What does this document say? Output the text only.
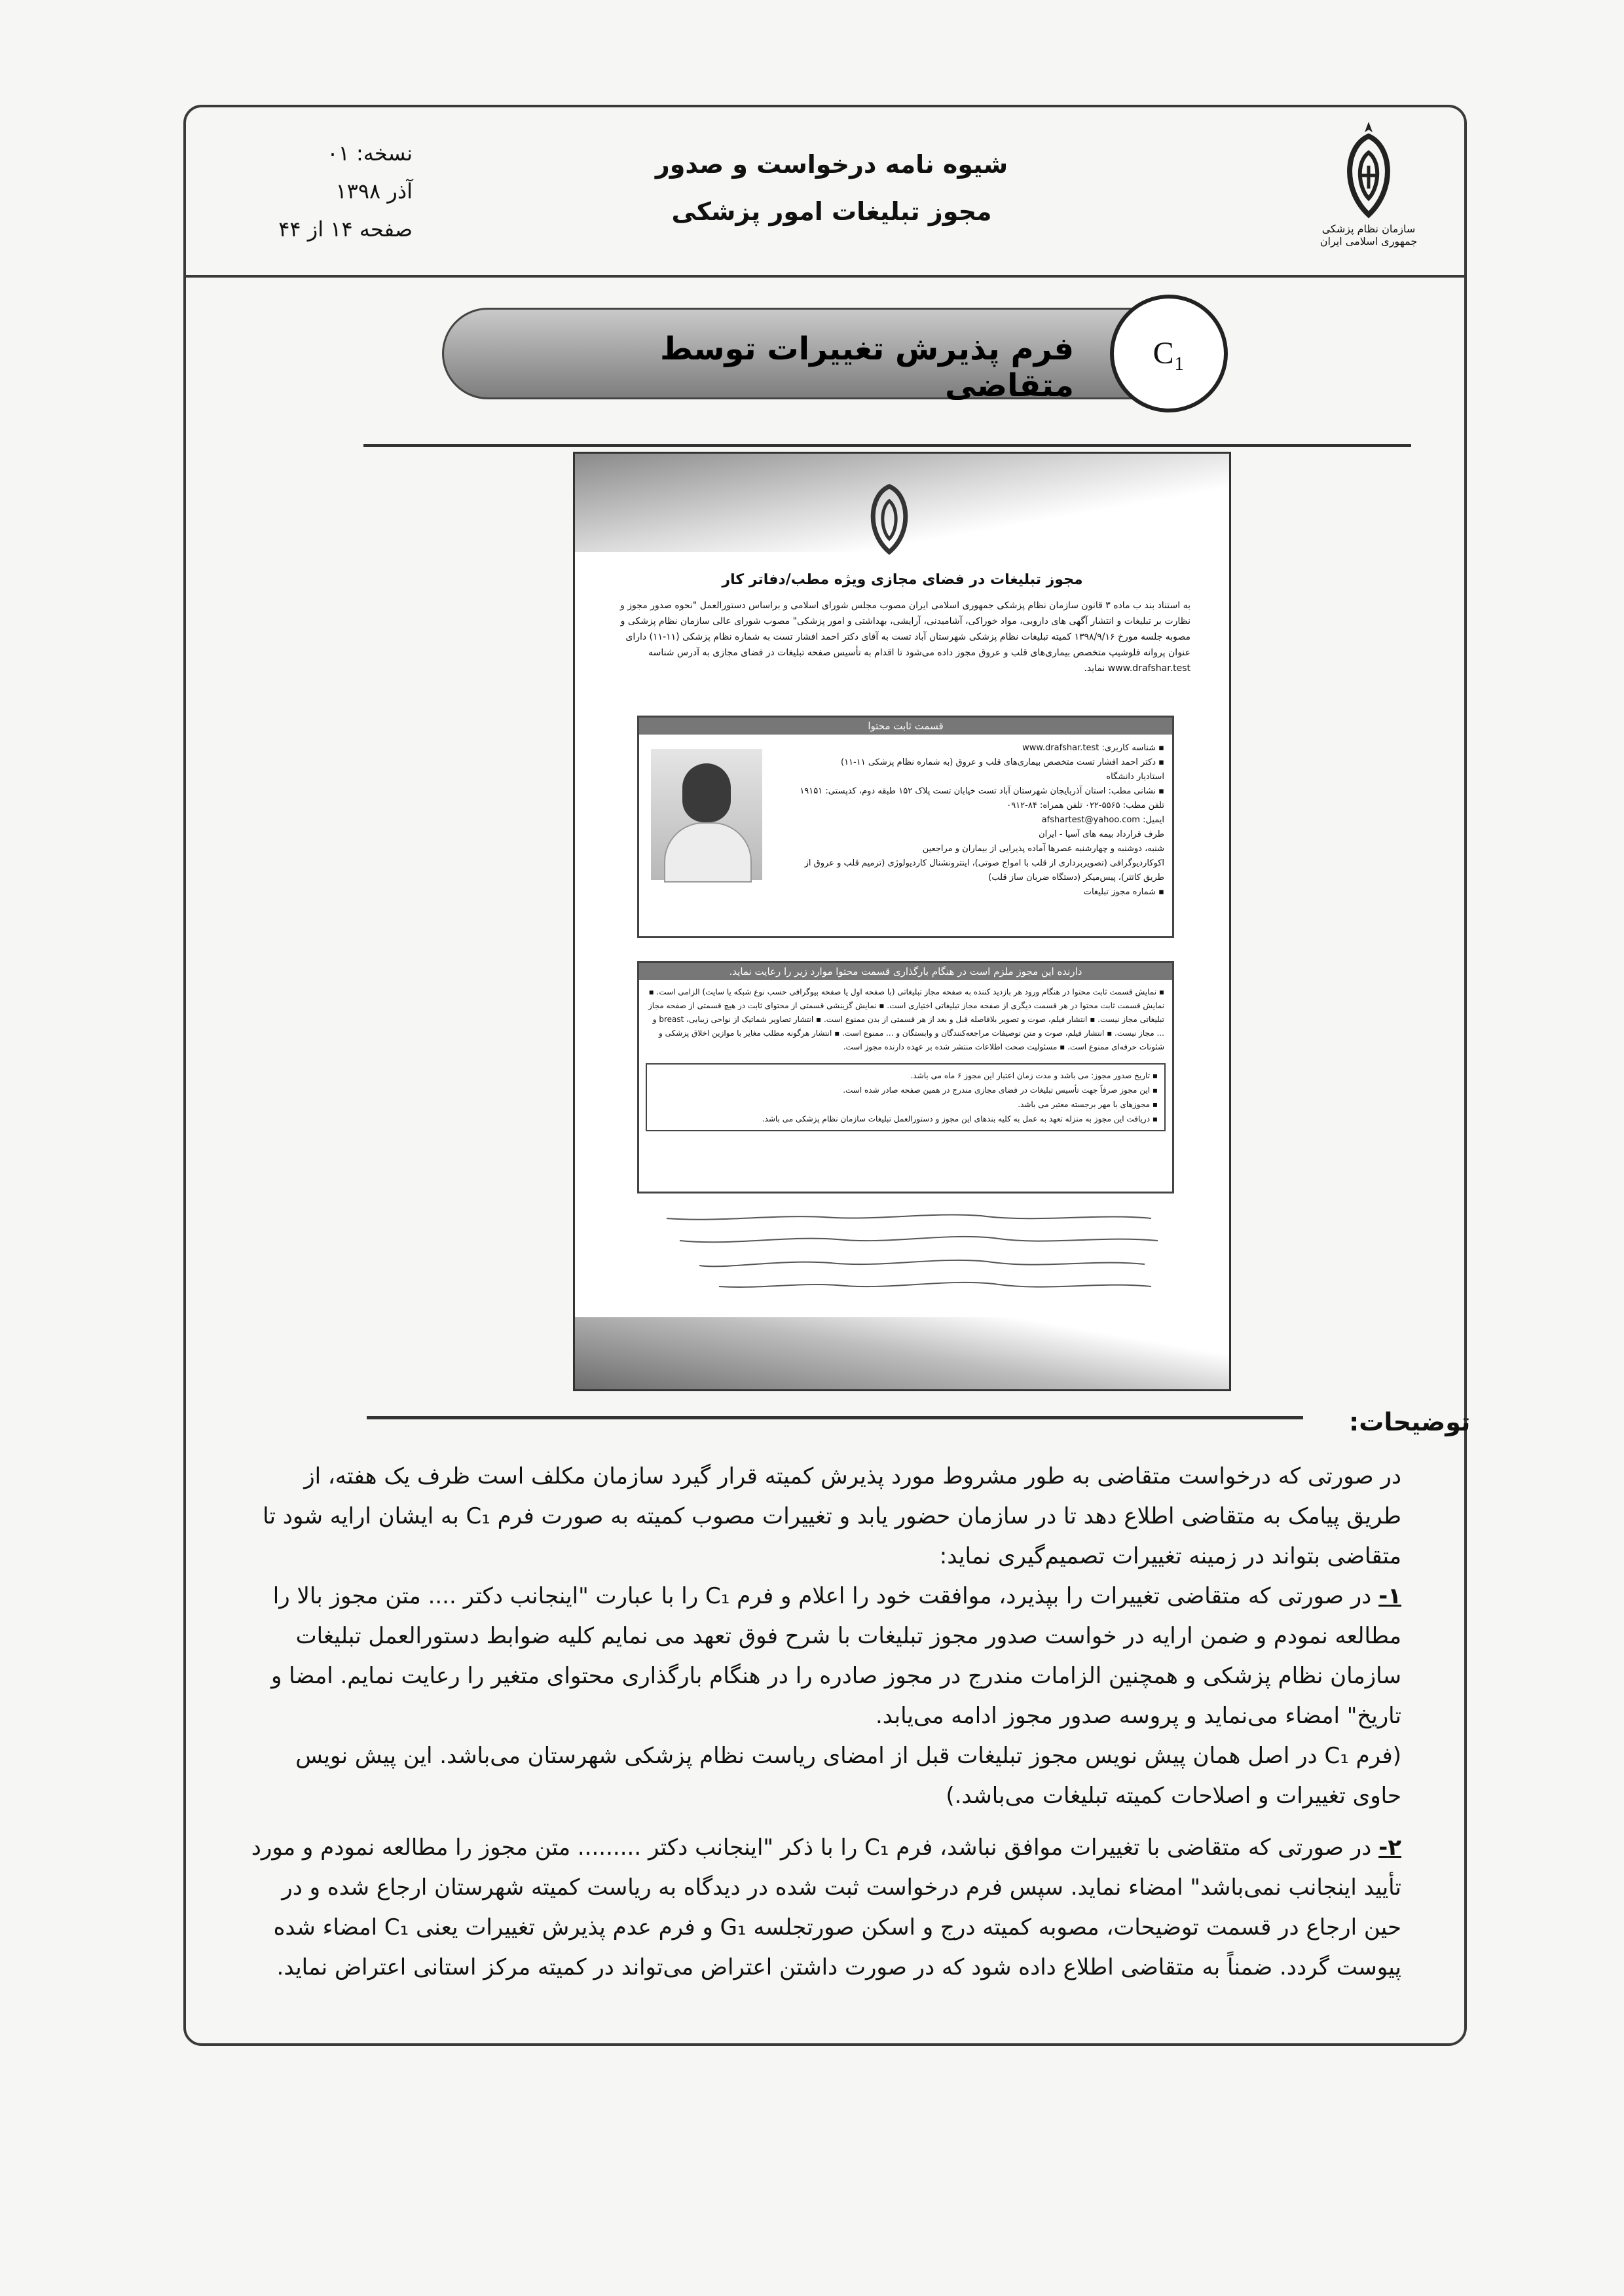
نسخه: ۰۱
آذر ۱۳۹۸
صفحه ۱۴ از ۴۴
شیوه نامه درخواست و صدور
مجوز تبلیغات امور پزشکی
سازمان نظام پزشکی جمهوری اسلامی ایران
فرم پذیرش تغییرات توسط متقاضی
C₁
مجوز تبلیغات در فضای مجازی ویژه مطب/دفاتر کار
به استناد بند ب ماده ۳ قانون سازمان نظام پزشکی جمهوری اسلامی ایران مصوب مجلس شورای اسلامی و براساس دستورالعمل "نحوه صدور مجوز و نظارت بر تبلیغات و انتشار آگهی های دارویی، مواد خوراکی، آشامیدنی، آرایشی، بهداشتی و امور پزشکی" مصوب شورای عالی سازمان نظام پزشکی و مصوبه جلسه مورخ ۱۳۹۸/۹/۱۶ کمیته تبلیغات نظام پزشکی شهرستان آباد تست به آقای دکتر احمد افشار تست به شماره نظام پزشکی (۱۱-۱۱) دارای عنوان پروانه فلوشیپ متخصص بیماری‌های قلب و عروق مجوز داده می‌شود تا اقدام به تأسیس صفحه تبلیغات در فضای مجازی به آدرس شناسه www.drafshar.test نماید.
قسمت ثابت محتوا
▪ شناسه کاربری: www.drafshar.test
▪ دکتر احمد افشار تست متخصص بیماری‌های قلب و عروق (به شماره نظام پزشکی ۱۱-۱۱)
استادیار دانشگاه
▪ نشانی مطب: استان آذربایجان شهرستان آباد تست خیابان تست پلاک ۱۵۲ طبقه دوم، کدپستی: ۱۹۱۵۱
تلفن مطب: ۵۵۶۵-۰۲۲ تلفن همراه: ۸۴-۰۹۱۲
ایمیل: afshartest@yahoo.com
طرف قرارداد بیمه های آسیا - ایران
شنبه، دوشنبه و چهارشنبه عصرها آماده پذیرایی از بیماران و مراجعین
اکوکاردیوگرافی (تصویربرداری از قلب با امواج صوتی)، اینترونشنال کاردیولوژی (ترمیم قلب و عروق از طریق کاتتر)، پیس‌میکر (دستگاه ضربان ساز قلب)
▪ شماره مجوز تبلیغات
دارنده این مجوز ملزم است در هنگام بارگذاری قسمت محتوا موارد زیر را رعایت نماید.
▪ نمایش قسمت ثابت محتوا در هنگام ورود هر بازدید کننده به صفحه مجاز تبلیغاتی (با صفحه اول یا صفحه بیوگرافی حسب نوع شبکه یا سایت) الزامی است. ▪ نمایش قسمت ثابت محتوا در هر قسمت دیگری از صفحه مجاز تبلیغاتی اختیاری است. ▪ نمایش گزینشی قسمتی از محتوای ثابت در هیچ قسمتی از صفحه مجاز تبلیغاتی مجاز نیست. ▪ انتشار فیلم، صوت و تصویر بلافاصله قبل و بعد از هر قسمتی از بدن ممنوع است. ▪ انتشار تصاویر شماتیک از نواحی زیبایی، breast و ... مجاز نیست. ▪ انتشار فیلم، صوت و متن توصیفات مراجعه‌کنندگان و وابستگان و ... ممنوع است. ▪ انتشار هرگونه مطلب مغایر با موازین اخلاق پزشکی و شئونات حرفه‌ای ممنوع است. ▪ مسئولیت صحت اطلاعات منتشر شده بر عهده دارنده مجوز است.
▪ تاریخ صدور مجوز: می باشد و مدت زمان اعتبار این مجوز ۶ ماه می باشد.
▪ این مجوز صرفاً جهت تأسیس تبلیغات در فضای مجازی مندرج در همین صفحه صادر شده است.
▪ مجوزهای با مهر برجسته معتبر می باشد.
▪ دریافت این مجوز به منزله تعهد به عمل به کلیه بندهای این مجوز و دستورالعمل تبلیغات سازمان نظام پزشکی می باشد.
توضیحات:

در صورتی که درخواست متقاضی به طور مشروط مورد پذیرش کمیته قرار گیرد سازمان مکلف است ظرف یک هفته، از طریق پیامک به متقاضی اطلاع دهد تا در سازمان حضور یابد و تغییرات مصوب کمیته به صورت فرم C₁ به ایشان ارایه شود تا متقاضی بتواند در زمینه تغییرات تصمیم‌گیری نماید:

۱- در صورتی که متقاضی تغییرات را بپذیرد، موافقت خود را اعلام و فرم C₁ را با عبارت "اینجانب دکتر .... متن مجوز بالا را مطالعه نمودم و ضمن ارایه در خواست صدور مجوز تبلیغات با شرح فوق تعهد می نمایم کلیه ضوابط دستورالعمل تبلیغات سازمان نظام پزشکی و همچنین الزامات مندرج در مجوز صادره را در هنگام بارگذاری محتوای متغیر را رعایت نمایم. امضا و تاریخ" امضاء می‌نماید و پروسه صدور مجوز ادامه می‌یابد.

(فرم C₁ در اصل همان پیش نویس مجوز تبلیغات قبل از امضای ریاست نظام پزشکی شهرستان می‌باشد. این پیش نویس حاوی تغییرات و اصلاحات کمیته تبلیغات می‌باشد.)

۲- در صورتی که متقاضی با تغییرات موافق نباشد، فرم C₁ را با ذکر "اینجانب دکتر ......... متن مجوز را مطالعه نمودم و مورد تأیید اینجانب نمی‌باشد" امضاء نماید. سپس فرم درخواست ثبت شده در دیدگاه به ریاست کمیته شهرستان ارجاع شده و در حین ارجاع در قسمت توضیحات، مصوبه کمیته درج و اسکن صورتجلسه G₁ و فرم عدم پذیرش تغییرات یعنی C₁ امضاء شده پیوست گردد. ضمناً به متقاضی اطلاع داده شود که در صورت داشتن اعتراض می‌تواند در کمیته مرکز استانی اعتراض نماید.
